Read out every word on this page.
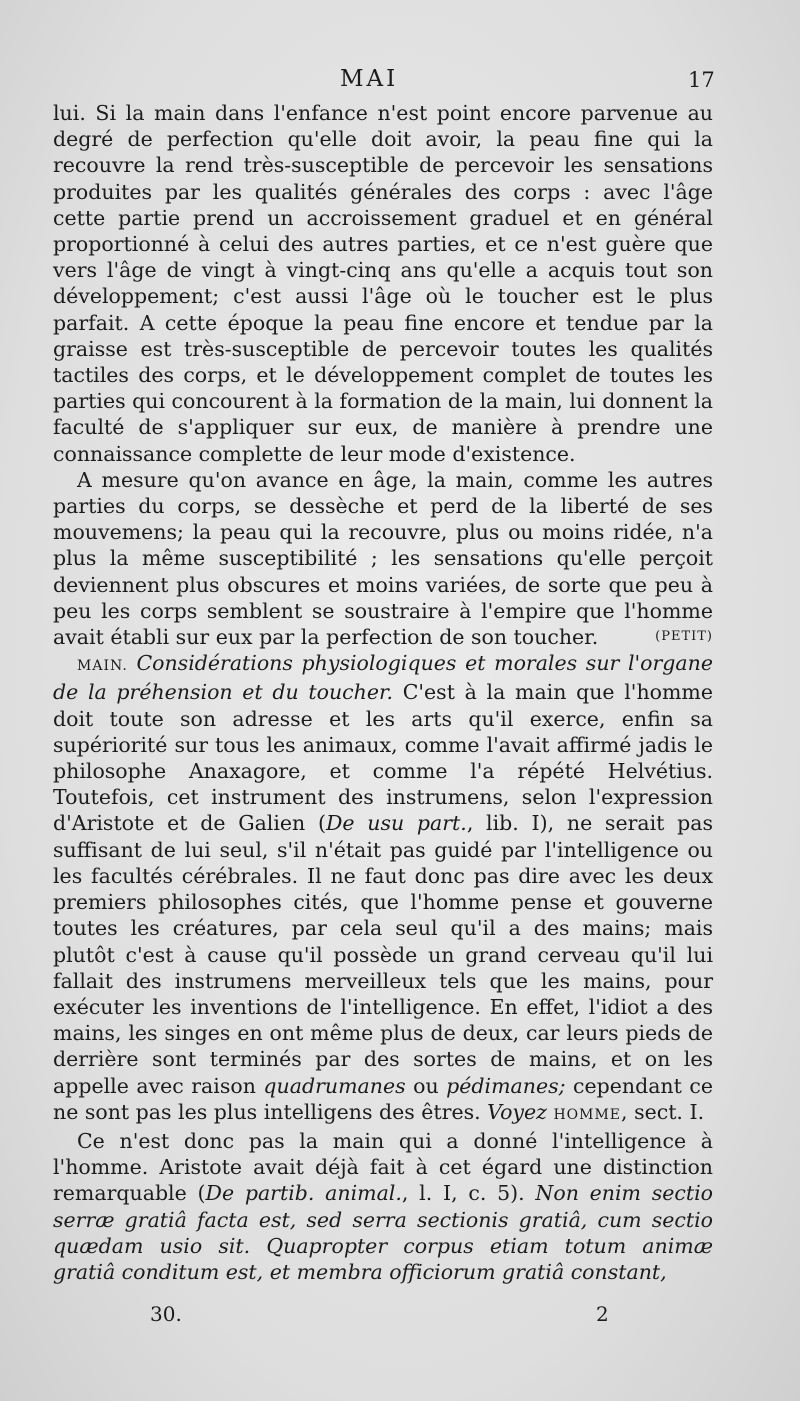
MAI	17

lui. Si la main dans l'enfance n'est point encore parvenue au degré de perfection qu'elle doit avoir, la peau fine qui la recouvre la rend très-susceptible de percevoir les sensations produites par les qualités générales des corps : avec l'âge cette partie prend un accroissement graduel et en général proportionné à celui des autres parties, et ce n'est guère que vers l'âge de vingt à vingt-cinq ans qu'elle a acquis tout son développement; c'est aussi l'âge où le toucher est le plus parfait. A cette époque la peau fine encore et tendue par la graisse est très-susceptible de percevoir toutes les qualités tactiles des corps, et le développement complet de toutes les parties qui concourent à la formation de la main, lui donnent la faculté de s'appliquer sur eux, de manière à prendre une connaissance complette de leur mode d'existence.

A mesure qu'on avance en âge, la main, comme les autres parties du corps, se dessèche et perd de la liberté de ses mouvemens; la peau qui la recouvre, plus ou moins ridée, n'a plus la même susceptibilité ; les sensations qu'elle perçoit deviennent plus obscures et moins variées, de sorte que peu à peu les corps semblent se soustraire à l'empire que l'homme avait établi sur eux par la perfection de son toucher.	(PETIT)

MAIN. Considérations physiologiques et morales sur l'organe de la préhension et du toucher. C'est à la main que l'homme doit toute son adresse et les arts qu'il exerce, enfin sa supériorité sur tous les animaux, comme l'avait affirmé jadis le philosophe Anaxagore, et comme l'a répété Helvétius. Toutefois, cet instrument des instrumens, selon l'expression d'Aristote et de Galien (De usu part., lib. I), ne serait pas suffisant de lui seul, s'il n'était pas guidé par l'intelligence ou les facultés cérébrales. Il ne faut donc pas dire avec les deux premiers philosophes cités, que l'homme pense et gouverne toutes les créatures, par cela seul qu'il a des mains; mais plutôt c'est à cause qu'il possède un grand cerveau qu'il lui fallait des instrumens merveilleux tels que les mains, pour exécuter les inventions de l'intelligence. En effet, l'idiot a des mains, les singes en ont même plus de deux, car leurs pieds de derrière sont terminés par des sortes de mains, et on les appelle avec raison quadrumanes ou pédimanes; cependant ce ne sont pas les plus intelligens des êtres. Voyez HOMME, sect. I.

Ce n'est donc pas la main qui a donné l'intelligence à l'homme. Aristote avait déjà fait à cet égard une distinction remarquable (De partib. animal., l. I, c. 5). Non enim sectio serræ gratiâ facta est, sed serra sectionis gratiâ, cum sectio quædam usio sit. Quapropter corpus etiam totum animæ gratiâ conditum est, et membra officiorum gratiâ constant,

30.	2
